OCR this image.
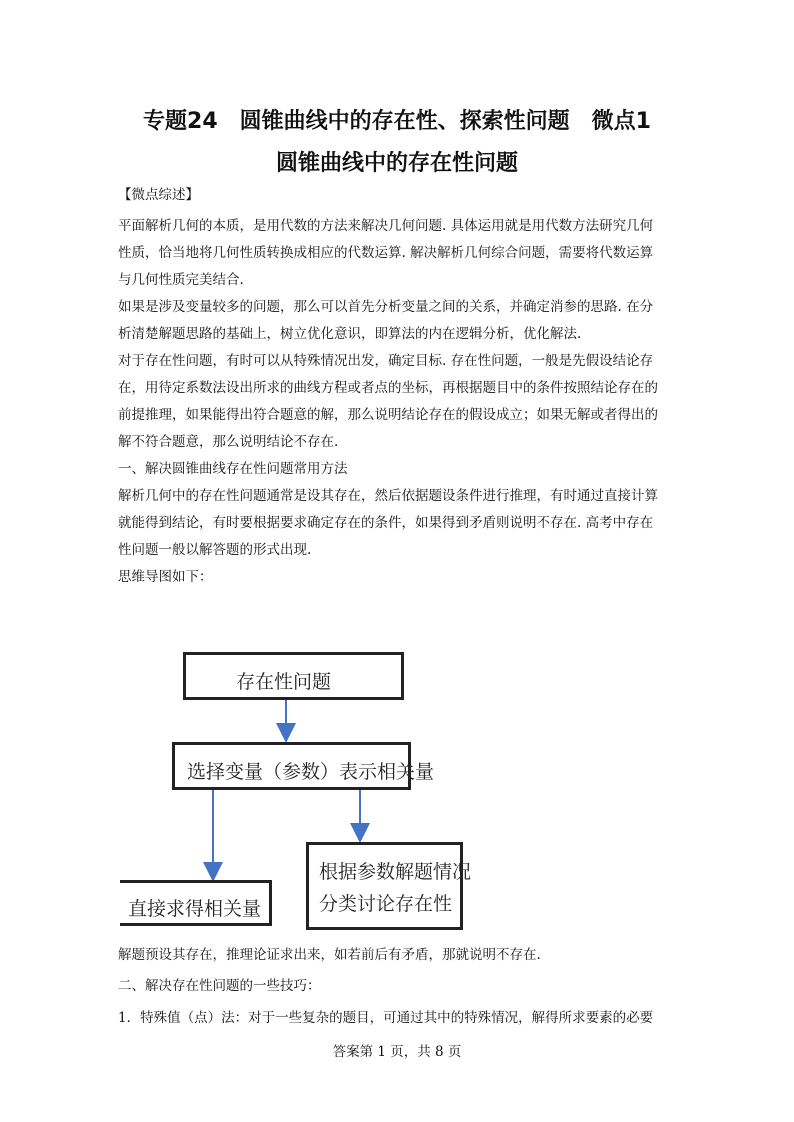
专题24　圆锥曲线中的存在性、探索性问题　微点1
圆锥曲线中的存在性问题
【微点综述】
平面解析几何的本质，是用代数的方法来解决几何问题. 具体运用就是用代数方法研究几何
性质，恰当地将几何性质转换成相应的代数运算. 解决解析几何综合问题，需要将代数运算
与几何性质完美结合.
如果是涉及变量较多的问题，那么可以首先分析变量之间的关系，并确定消参的思路. 在分
析清楚解题思路的基础上，树立优化意识，即算法的内在逻辑分析，优化解法.
对于存在性问题，有时可以从特殊情况出发，确定目标. 存在性问题，一般是先假设结论存
在，用待定系数法设出所求的曲线方程或者点的坐标，再根据题目中的条件按照结论存在的
前提推理，如果能得出符合题意的解，那么说明结论存在的假设成立；如果无解或者得出的
解不符合题意，那么说明结论不存在.
一、解决圆锥曲线存在性问题常用方法
解析几何中的存在性问题通常是设其存在，然后依据题设条件进行推理，有时通过直接计算
就能得到结论，有时要根据要求确定存在的条件，如果得到矛盾则说明不存在. 高考中存在
性问题一般以解答题的形式出现.
思维导图如下：
存在性问题
选择变量（参数）表示相关量
直接求得相关量
根据参数解题情况
分类讨论存在性
解题预设其存在，推理论证求出来，如若前后有矛盾，那就说明不存在.
二、解决存在性问题的一些技巧：
1．特殊值（点）法：对于一些复杂的题目，可通过其中的特殊情况，解得所求要素的必要
答案第 1 页，共 8 页
